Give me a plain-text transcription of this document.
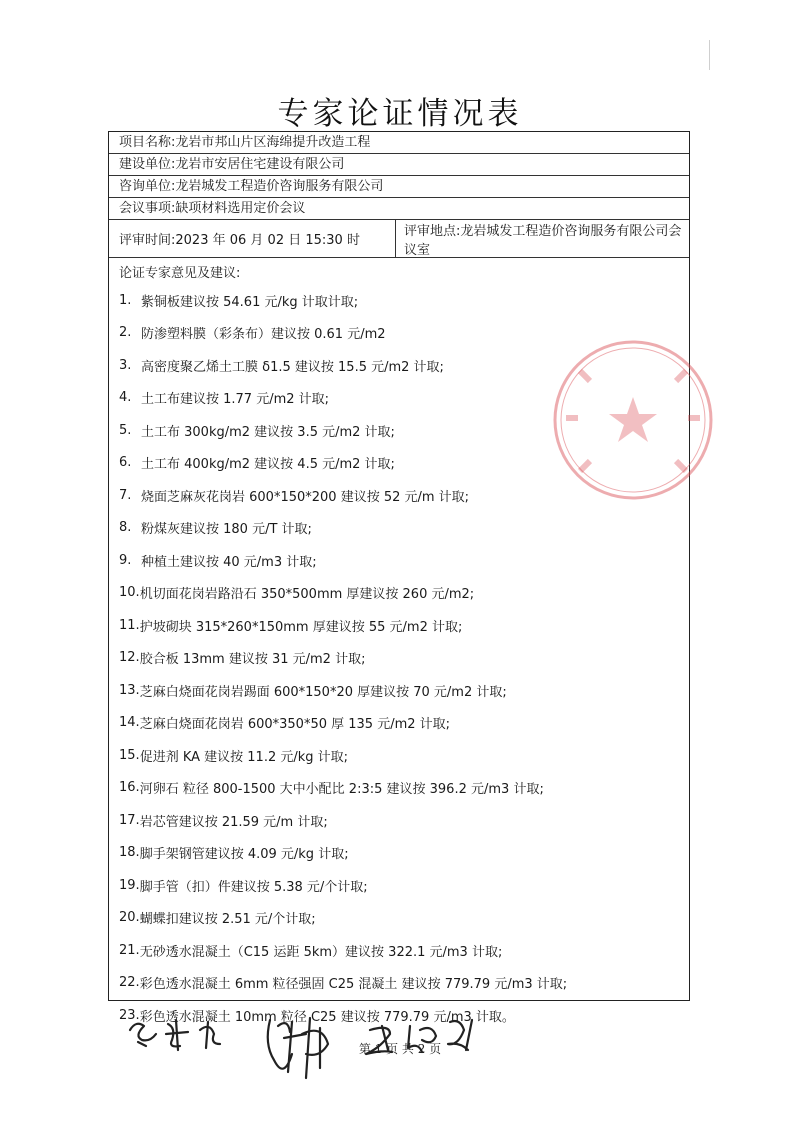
专家论证情况表
项目名称: 龙岩市邦山片区海绵提升改造工程
建设单位: 龙岩市安居住宅建设有限公司
咨询单位: 龙岩城发工程造价咨询服务有限公司
会议事项: 缺项材料选用定价会议
评审时间: 2023 年 06 月 02 日 15:30 时
评审地点:龙岩城发工程造价咨询服务有限公司会议室
论证专家意见及建议:
1. 紫铜板建议按 54.61 元/kg 计取计取;
2. 防渗塑料膜（彩条布）建议按 0.61 元/m2
3. 高密度聚乙烯土工膜 δ1.5 建议按 15.5 元/m2 计取;
4. 土工布建议按 1.77 元/m2 计取;
5. 土工布 300kg/m2 建议按 3.5 元/m2 计取;
6. 土工布 400kg/m2 建议按 4.5 元/m2 计取;
7. 烧面芝麻灰花岗岩 600*150*200 建议按 52 元/m 计取;
8. 粉煤灰建议按 180 元/T 计取;
9. 种植土建议按 40 元/m3 计取;
10. 机切面花岗岩路沿石 350*500mm 厚建议按 260 元/m2;
11. 护坡砌块 315*260*150mm 厚建议按 55 元/m2 计取;
12. 胶合板 13mm 建议按 31 元/m2 计取;
13. 芝麻白烧面花岗岩踢面 600*150*20 厚建议按 70 元/m2 计取;
14. 芝麻白烧面花岗岩 600*350*50 厚 135 元/m2 计取;
15. 促进剂 KA 建议按 11.2 元/kg 计取;
16. 河卵石 粒径 800-1500 大中小配比 2:3:5 建议按 396.2 元/m3 计取;
17. 岩芯管建议按 21.59 元/m 计取;
18. 脚手架钢管建议按 4.09 元/kg 计取;
19. 脚手管（扣）件建议按 5.38 元/个计取;
20. 蝴蝶扣建议按 2.51 元/个计取;
21. 无砂透水混凝土（C15 运距 5km）建议按 322.1 元/m3 计取;
22. 彩色透水混凝土 6mm 粒径强固 C25 混凝土 建议按 779.79 元/m3 计取;
23. 彩色透水混凝土 10mm 粒径 C25 建议按 779.79 元/m3 计取。
第 1 页 共 2 页
